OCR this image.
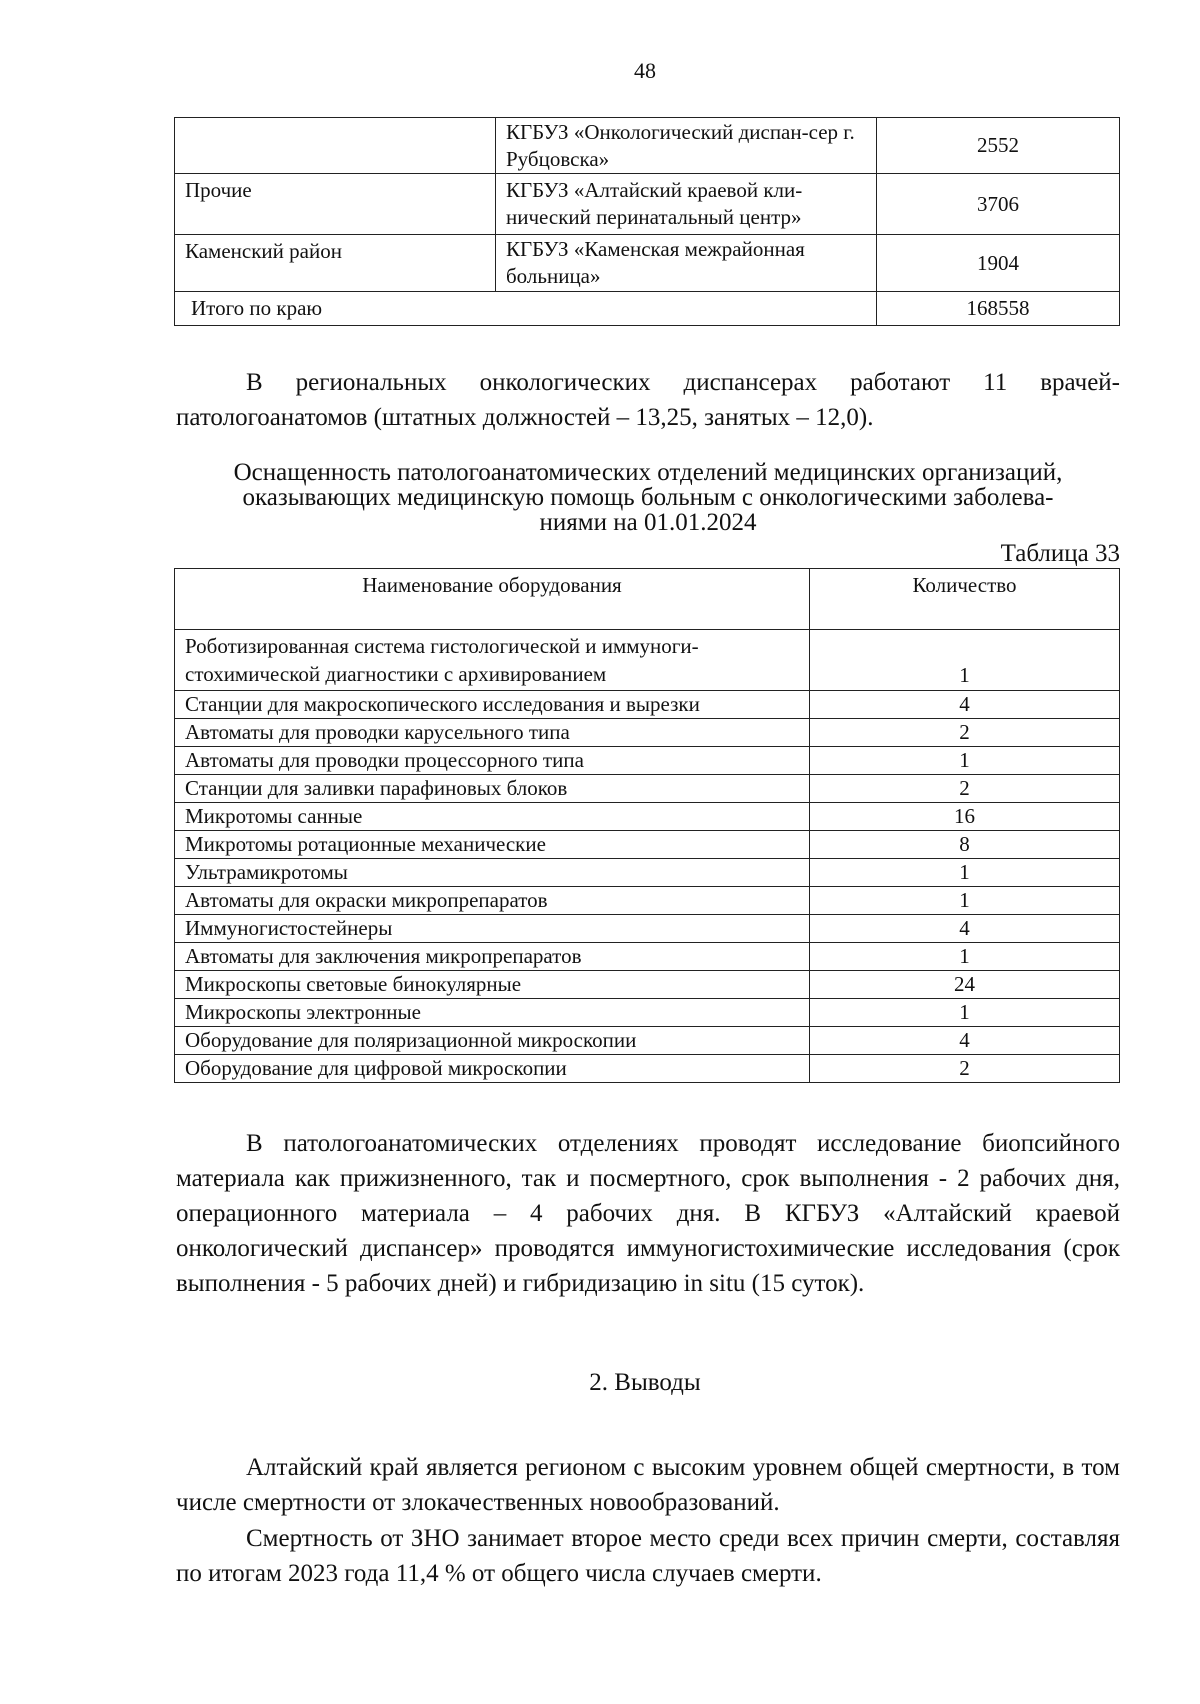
48
	КГБУЗ «Онкологический диспан-сер г. Рубцовска»	2552
Прочие	КГБУЗ «Алтайский краевой кли-нический перинатальный центр»	3706
Каменский район	КГБУЗ «Каменская межрайонная больница»	1904
Итого по краю		168558
В региональных онкологических диспансерах работают 11 врачей-патологоанатомов (штатных должностей – 13,25, занятых – 12,0).
Оснащенность патологоанатомических отделений медицинских организаций,
оказывающих медицинскую помощь больным с онкологическими заболева-
ниями на 01.01.2024
Таблица 33
Наименование оборудования	Количество

Роботизированная система гистологической и иммуноги-
стохимической диагностики с архивированием	1
Станции для макроскопического исследования и вырезки	4
Автоматы для проводки карусельного типа	2
Автоматы для проводки процессорного типа	1
Станции для заливки парафиновых блоков	2
Микротомы санные	16
Микротомы ротационные механические	8
Ультрамикротомы	1
Автоматы для окраски микропрепаратов	1
Иммуногистостейнеры	4
Автоматы для заключения микропрепаратов	1
Микроскопы световые бинокулярные	24
Микроскопы электронные	1
Оборудование для поляризационной микроскопии	4
Оборудование для цифровой микроскопии	2
В патологоанатомических отделениях проводят исследование биопсийного материала как прижизненного, так и посмертного, срок выполнения - 2 рабочих дня, операционного материала – 4 рабочих дня. В КГБУЗ «Алтайский краевой онкологический диспансер» проводятся иммуногистохимические исследования (срок выполнения - 5 рабочих дней) и гибридизацию in situ (15 суток).
2. Выводы
Алтайский край является регионом с высоким уровнем общей смертности, в том числе смертности от злокачественных новообразований.
Смертность от ЗНО занимает второе место среди всех причин смерти, составляя по итогам 2023 года 11,4 % от общего числа случаев смерти.
